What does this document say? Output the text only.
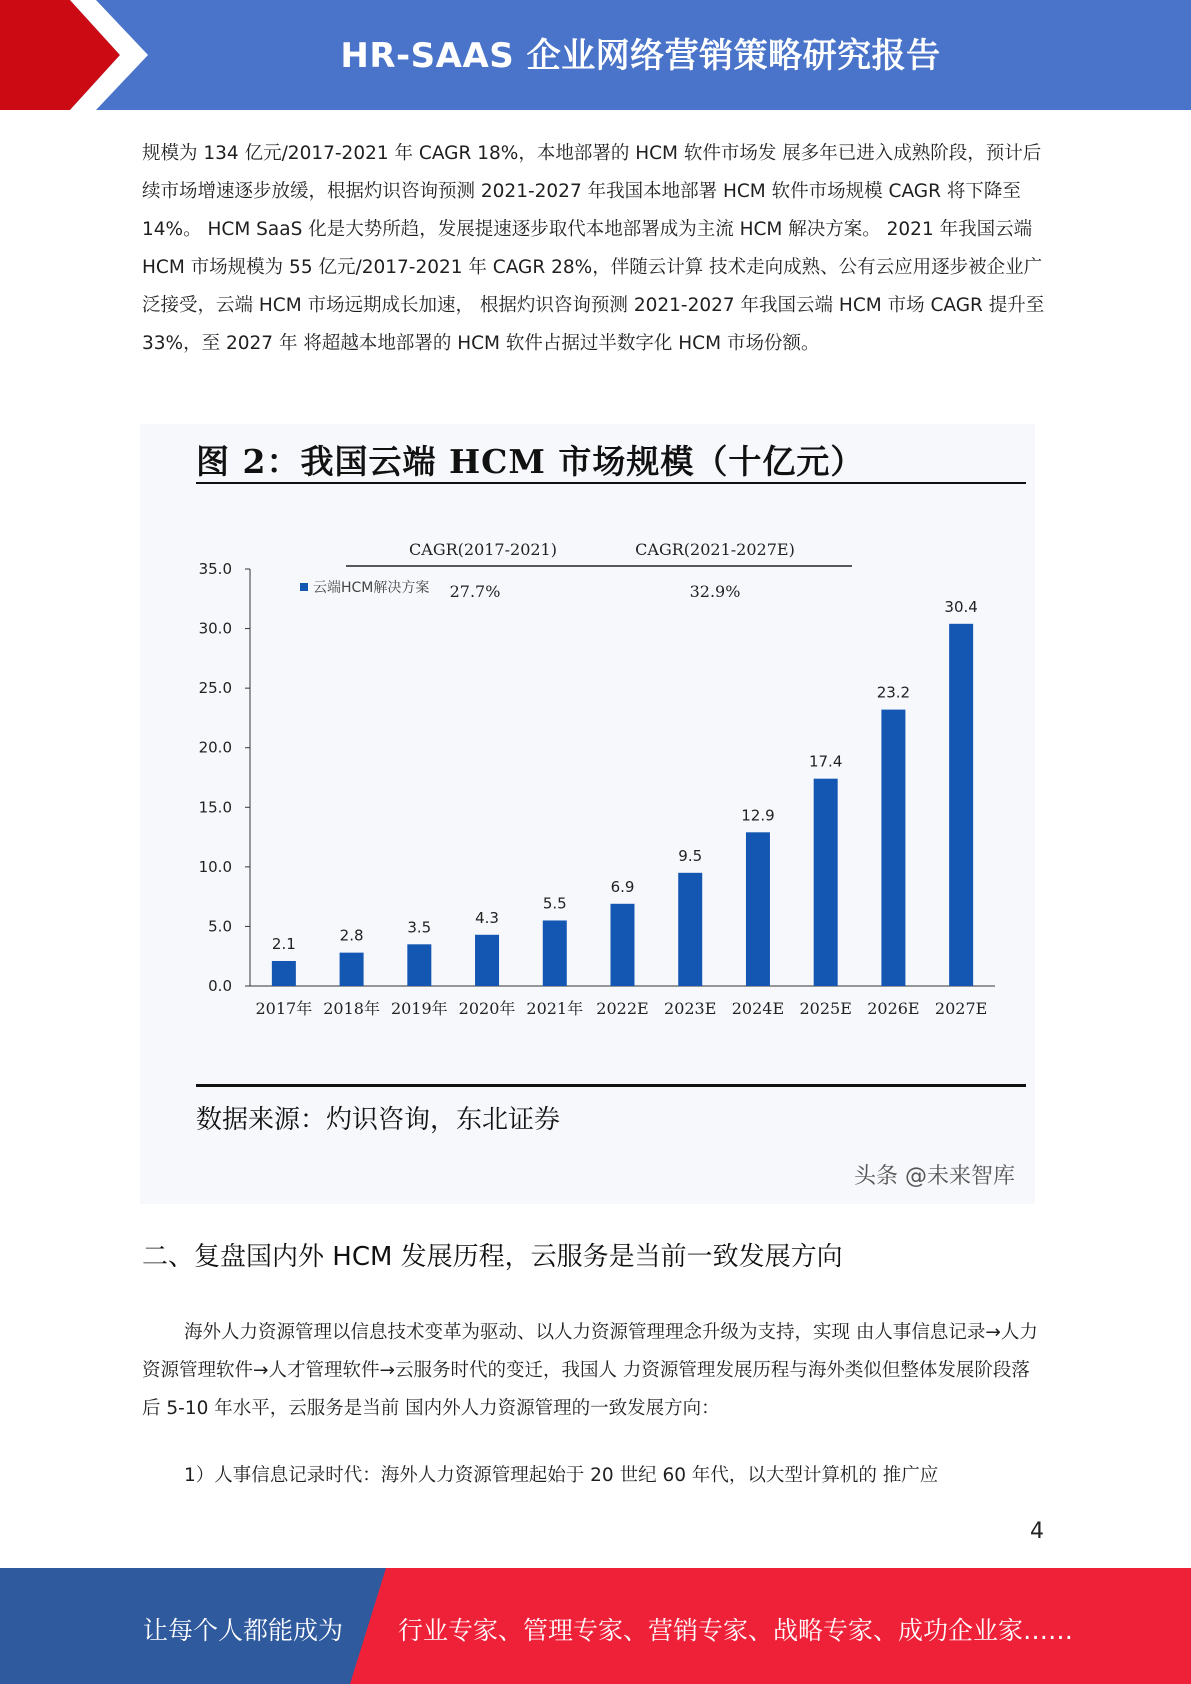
HR-SAAS 企业网络营销策略研究报告

规模为 134 亿元/2017-2021 年 CAGR 18%，本地部署的 HCM 软件市场发 展多年已进入成熟阶段，预计后续市场增速逐步放缓，根据灼识咨询预测 2021-2027 年我国本地部署 HCM 软件市场规模 CAGR 将下降至 14%。 HCM SaaS 化是大势所趋，发展提速逐步取代本地部署成为主流 HCM 解决方案。 2021 年我国云端 HCM 市场规模为 55 亿元/2017-2021 年 CAGR 28%，伴随云计算 技术走向成熟、公有云应用逐步被企业广泛接受，云端 HCM 市场远期成长加速， 根据灼识咨询预测 2021-2027 年我国云端 HCM 市场 CAGR 提升至 33%，至 2027 年 将超越本地部署的 HCM 软件占据过半数字化 HCM 市场份额。

图 2：我国云端 HCM 市场规模（十亿元）
0.0
5.0
10.0
15.0
20.0
25.0
30.0
35.0
2.1
2017年
2.8
2018年
3.5
2019年
4.3
2020年
5.5
2021年
6.9
2022E
9.5
2023E
12.9
2024E
17.4
2025E
23.2
2026E
30.4
2027E
CAGR(2017-2021)
27.7%
CAGR(2021-2027E)
32.9%
云端HCM解决方案

数据来源：灼识咨询，东北证券

头条 @未来智库
二、复盘国内外 HCM 发展历程，云服务是当前一致发展方向

海外人力资源管理以信息技术变革为驱动、以人力资源管理理念升级为支持，实现 由人事信息记录→人力资源管理软件→人才管理软件→云服务时代的变迁，我国人 力资源管理发展历程与海外类似但整体发展阶段落后 5-10 年水平，云服务是当前 国内外人力资源管理的一致发展方向：

1）人事信息记录时代：海外人力资源管理起始于 20 世纪 60 年代，以大型计算机的 推广应

4
让每个人都能成为 行业专家、管理专家、营销专家、战略专家、成功企业家……
